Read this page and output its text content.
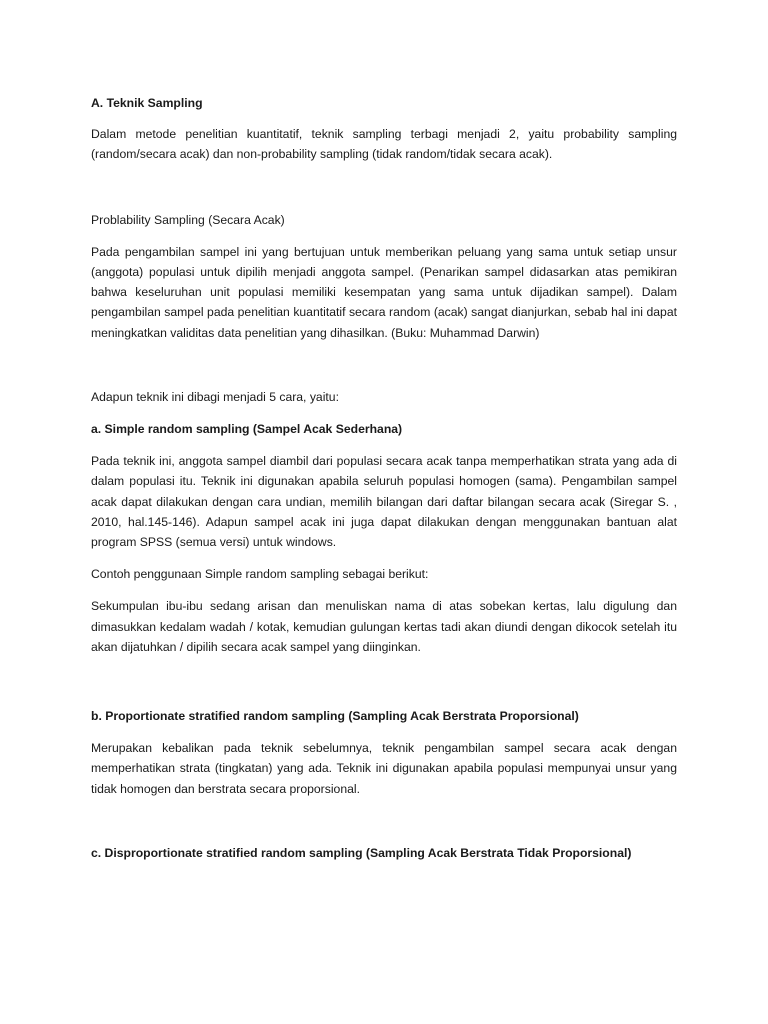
A. Teknik Sampling

Dalam metode penelitian kuantitatif, teknik sampling terbagi menjadi 2, yaitu probability sampling (random/secara acak) dan non-probability sampling (tidak random/tidak secara acak).

Problability Sampling (Secara Acak)

Pada pengambilan sampel ini yang bertujuan untuk memberikan peluang yang sama untuk setiap unsur (anggota) populasi untuk dipilih menjadi anggota sampel. (Penarikan sampel didasarkan atas pemikiran bahwa keseluruhan unit populasi memiliki kesempatan yang sama untuk dijadikan sampel). Dalam pengambilan sampel pada penelitian kuantitatif secara random (acak) sangat dianjurkan, sebab hal ini dapat meningkatkan validitas data penelitian yang dihasilkan. (Buku: Muhammad Darwin)

Adapun teknik ini dibagi menjadi 5 cara, yaitu:

a. Simple random sampling (Sampel Acak Sederhana)

Pada teknik ini, anggota sampel diambil dari populasi secara acak tanpa memperhatikan strata yang ada di dalam populasi itu. Teknik ini digunakan apabila seluruh populasi homogen (sama). Pengambilan sampel acak dapat dilakukan dengan cara undian, memilih bilangan dari daftar bilangan secara acak (Siregar S. , 2010, hal.145-146). Adapun sampel acak ini juga dapat dilakukan dengan menggunakan bantuan alat program SPSS (semua versi) untuk windows.

Contoh penggunaan Simple random sampling sebagai berikut:

Sekumpulan ibu-ibu sedang arisan dan menuliskan nama di atas sobekan kertas, lalu digulung dan dimasukkan kedalam wadah / kotak, kemudian gulungan kertas tadi akan diundi dengan dikocok setelah itu akan dijatuhkan / dipilih secara acak sampel yang diinginkan.

b. Proportionate stratified random sampling (Sampling Acak Berstrata Proporsional)

Merupakan kebalikan pada teknik sebelumnya, teknik pengambilan sampel secara acak dengan memperhatikan strata (tingkatan) yang ada. Teknik ini digunakan apabila populasi mempunyai unsur yang tidak homogen dan berstrata secara proporsional.

c. Disproportionate stratified random sampling (Sampling Acak Berstrata Tidak Proporsional)
